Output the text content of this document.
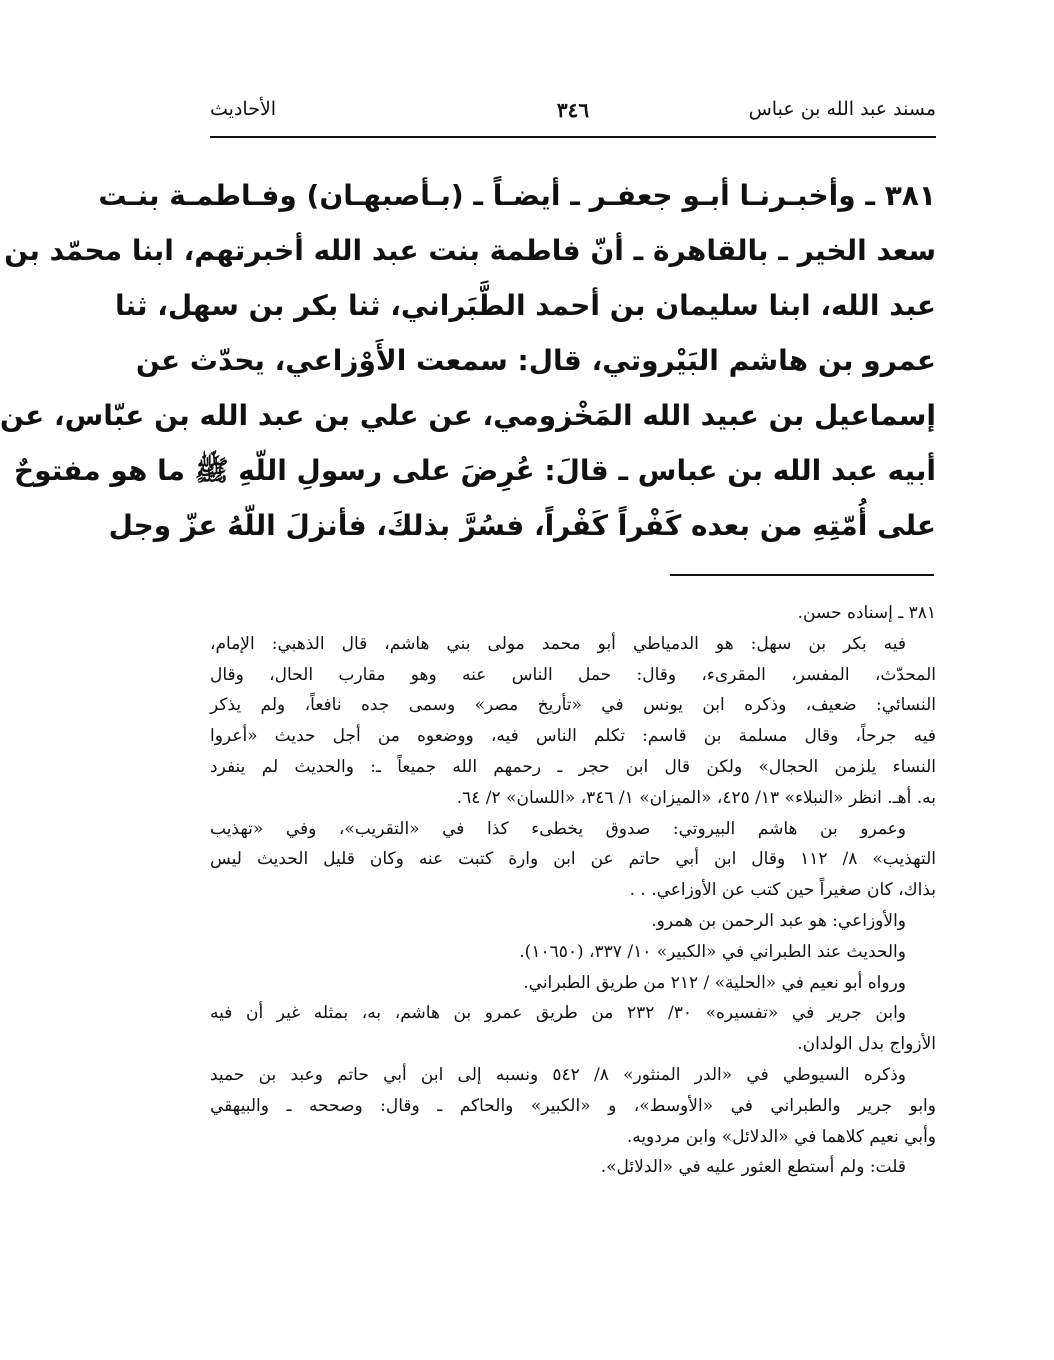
مسند عبد الله بن عباس
٣٤٦
الأحاديث
٣٨١ ـ وأخبـرنـا أبـو جعفـر ـ أيضـاً ـ (بـأصبهـان) وفـاطمـة بنـت
سعد الخير ـ بالقاهرة ـ أنّ فاطمة بنت عبد الله أخبرتهم، ابنا محمّد بن
عبد الله، ابنا سليمان بن أحمد الطَّبَراني، ثنا بكر بن سهل، ثنا
عمرو بن هاشم البَيْروتي، قال: سمعت الأَوْزاعي، يحدّث عن
إسماعيل بن عبيد الله المَخْزومي، عن علي بن عبد الله بن عبّاس، عن
أبيه عبد الله بن عباس ـ قالَ: عُرِضَ على رسولِ اللّهِ ﷺ ما هو مفتوحٌ
على أُمّتِهِ من بعده كَفْراً كَفْراً، فسُرَّ بذلكَ، فأنزلَ اللّهُ عزّ وجل
٣٨١ ـ إسناده حسن.
فيه بكر بن سهل: هو الدمياطي أبو محمد مولى بني هاشم، قال الذهبي: الإمام،
المحدّث، المفسر، المقرىء، وقال: حمل الناس عنه وهو مقارب الحال، وقال
النسائي: ضعيف، وذكره ابن يونس في «تأريخ مصر» وسمى جده نافعاً، ولم يذكر
فيه جرحاً، وقال مسلمة بن قاسم: تكلم الناس فيه، ووضعوه من أجل حديث «أعروا
النساء يلزمن الحجال» ولكن قال ابن حجر ـ رحمهم الله جميعاً ـ: والحديث لم ينفرد
به. أهـ. انظر «النبلاء» ١٣/ ٤٢٥، «الميزان» ١/ ٣٤٦، «اللسان» ٢/ ٦٤.
وعمرو بن هاشم البيروتي: صدوق يخطىء كذا في «التقريب»، وفي «تهذيب
التهذيب» ٨/ ١١٢ وقال ابن أبي حاتم عن ابن وارة كتبت عنه وكان قليل الحديث ليس
بذاك، كان صغيراً حين كتب عن الأوزاعي. . .
والأوزاعي: هو عبد الرحمن بن همرو.
والحديث عند الطبراني في «الكبير» ١٠/ ٣٣٧، (١٠٦٥٠).
ورواه أبو نعيم في «الحلية» / ٢١٢ من طريق الطبراني.
وابن جرير في «تفسيره» ٣٠/ ٢٣٢ من طريق عمرو بن هاشم، به، بمثله غير أن فيه
الأزواج بدل الولدان.
وذكره السيوطي في «الدر المنثور» ٨/ ٥٤٢ ونسبه إلى ابن أبي حاتم وعبد بن حميد
وابو جرير والطبراني في «الأوسط»، و «الكبير» والحاكم ـ وقال: وصححه ـ والبيهقي
وأبي نعيم كلاهما في «الدلائل» وابن مردويه.
قلت: ولم أستطع العثور عليه في «الدلائل».
